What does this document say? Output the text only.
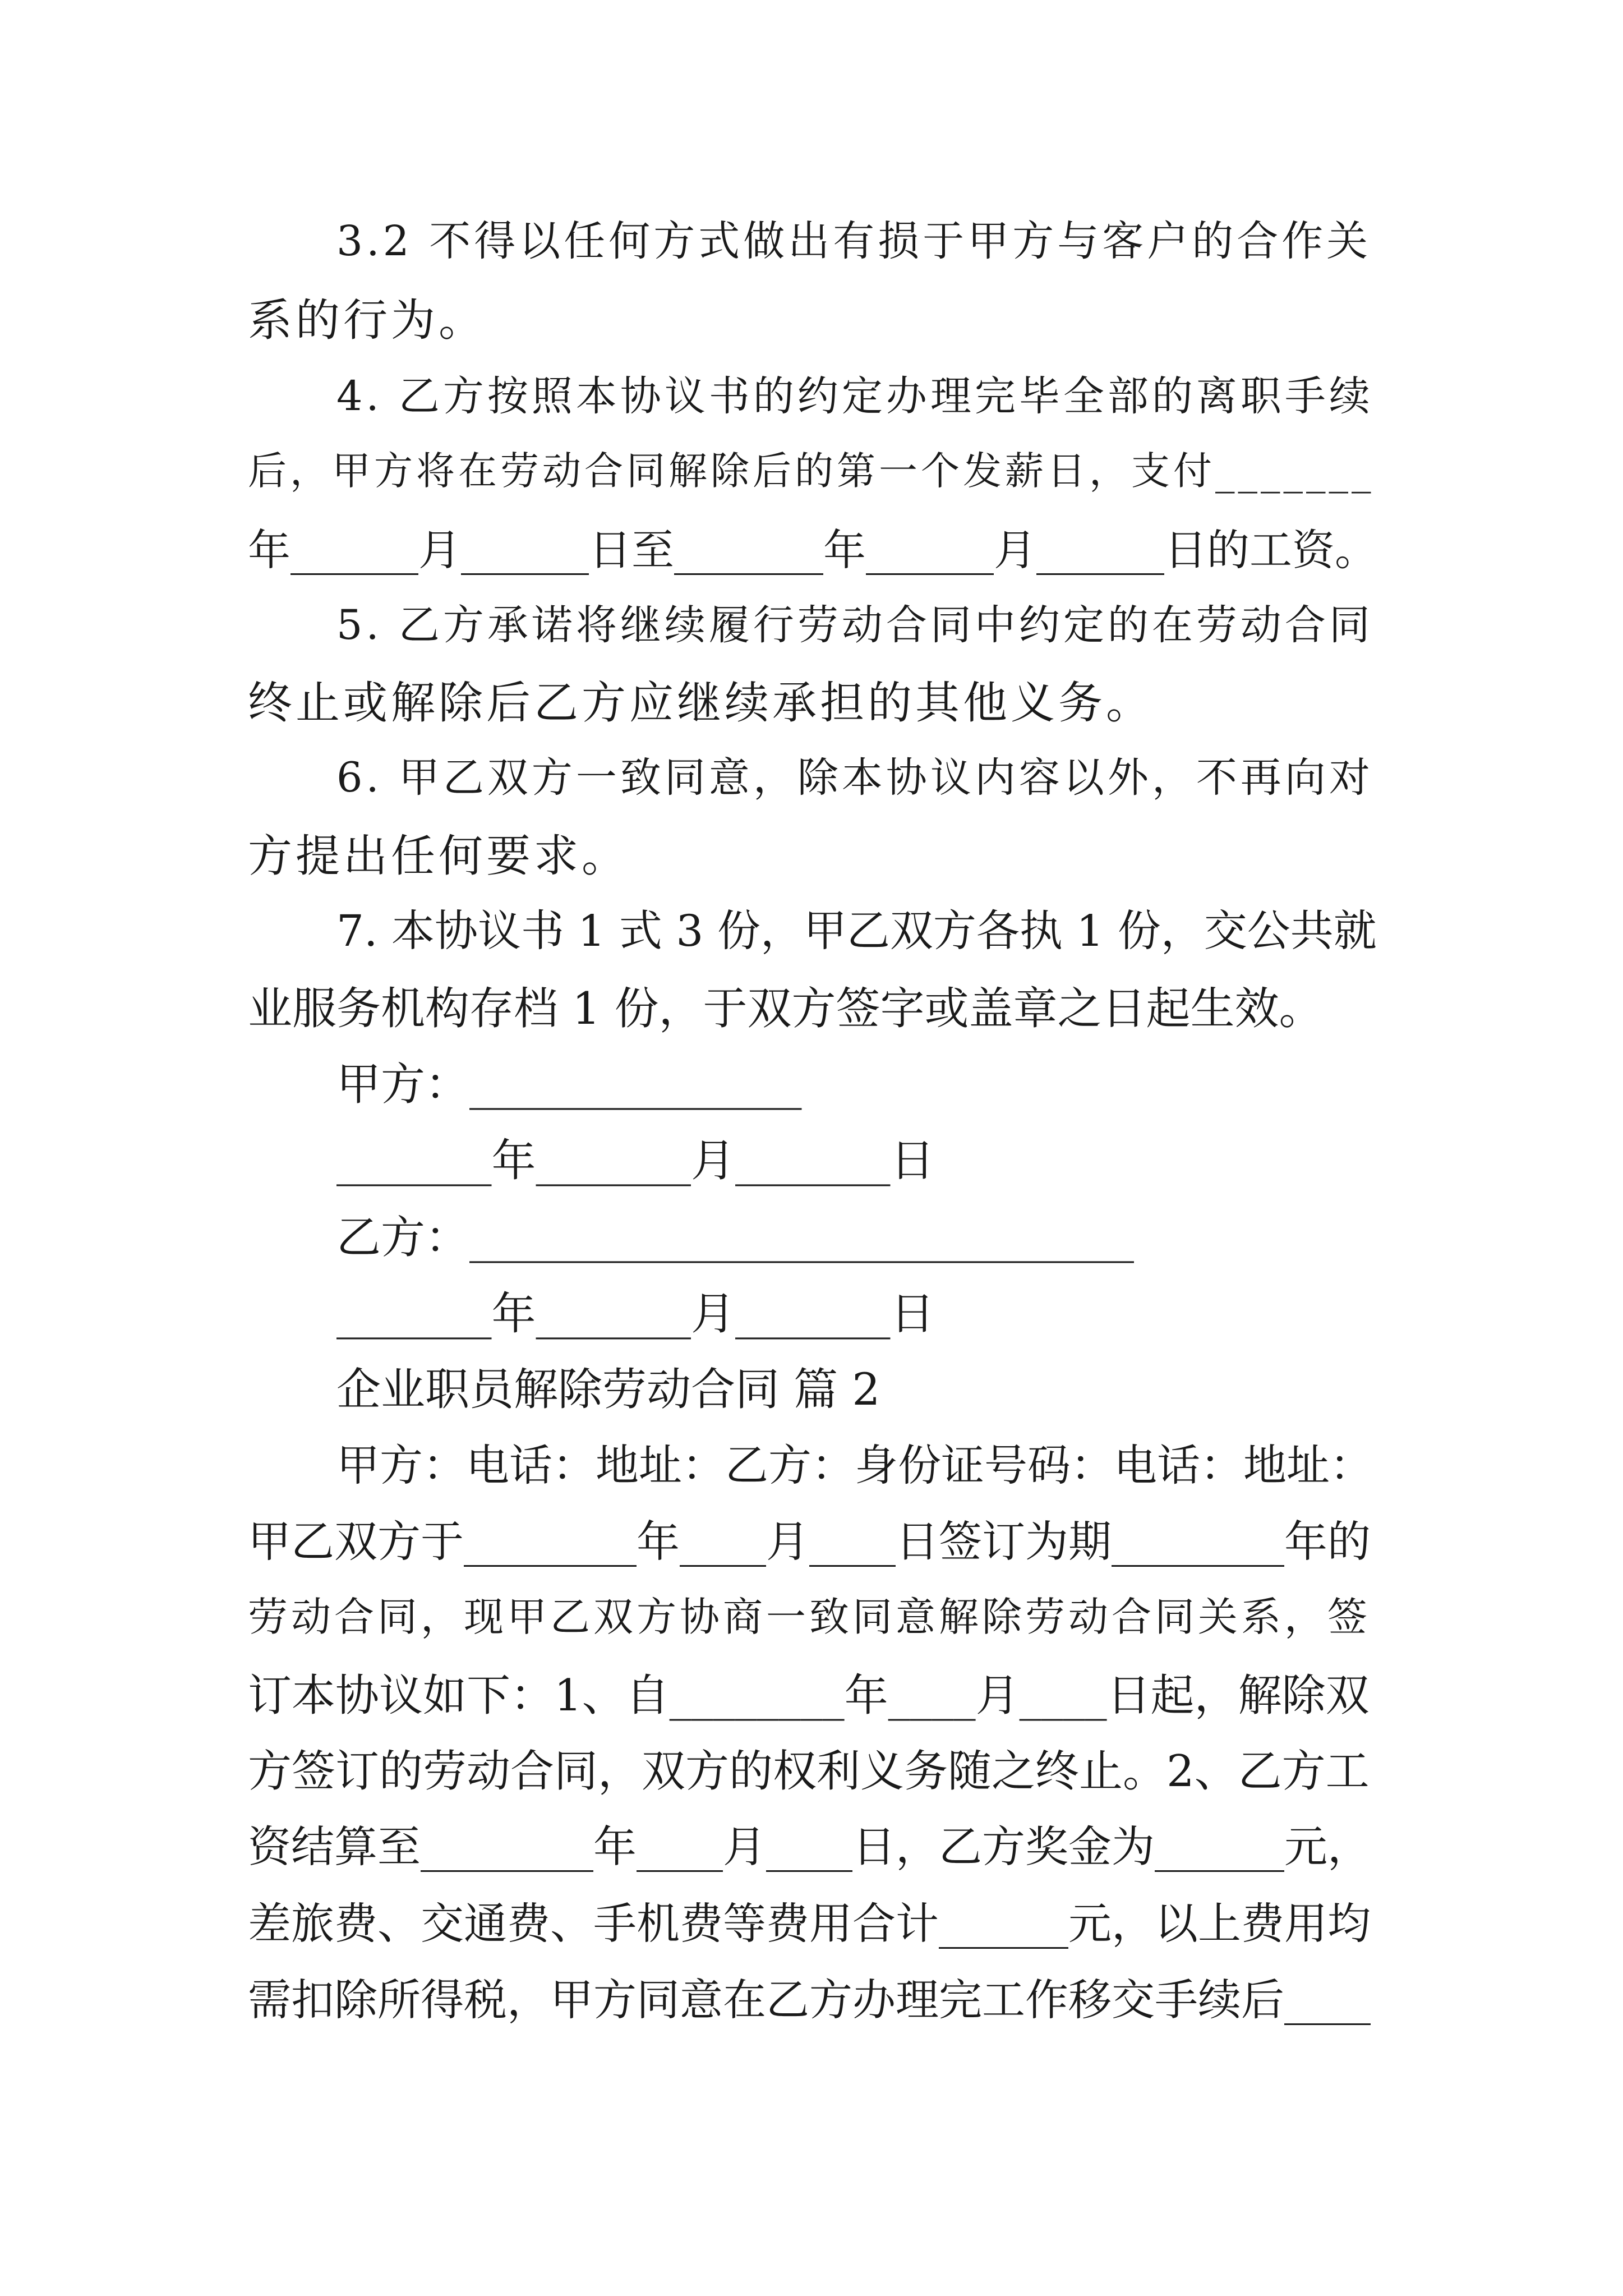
3.2 不得以任何方式做出有损于甲方与客户的合作关

系的行为。

4. 乙方按照本协议书的约定办理完毕全部的离职手续

后，甲方将在劳动合同解除后的第一个发薪日，支付_______

年______月______日至_______年______月______日的工资。

5. 乙方承诺将继续履行劳动合同中约定的在劳动合同

终止或解除后乙方应继续承担的其他义务。

6. 甲乙双方一致同意，除本协议内容以外，不再向对

方提出任何要求。

7. 本协议书 1 式 3 份，甲乙双方各执 1 份，交公共就

业服务机构存档 1 份，于双方签字或盖章之日起生效。

甲方：_______________

_______年_______月_______日

乙方：______________________________

_______年_______月_______日

企业职员解除劳动合同 篇 2

甲方：电话：地址：乙方：身份证号码：电话：地址：

甲乙双方于________年____月____日签订为期________年的

劳动合同，现甲乙双方协商一致同意解除劳动合同关系，签

订本协议如下：1、自________年____月____日起，解除双

方签订的劳动合同，双方的权利义务随之终止。2、乙方工

资结算至________年____月____日，乙方奖金为______元，

差旅费、交通费、手机费等费用合计______元，以上费用均

需扣除所得税，甲方同意在乙方办理完工作移交手续后____
